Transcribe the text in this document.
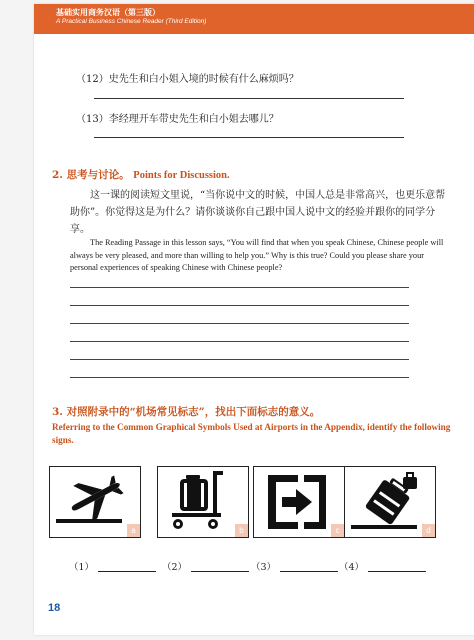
基础实用商务汉语（第三版）
A Practical Business Chinese Reader (Third Edition)
（12）史先生和白小姐入境的时候有什么麻烦吗？
（13）李经理开车带史先生和白小姐去哪儿？
2. 思考与讨论。 Points for Discussion.
这一课的阅读短文里说，“当你说中文的时候，中国人总是非常高兴，也更乐意帮助你”。你觉得这是为什么？请你谈谈你自己跟中国人说中文的经验并跟你的同学分享。
The Reading Passage in this lesson says, “You will find that when you speak Chinese, Chinese people will always be very pleased, and more than willing to help you.” Why is this true? Could you please share your personal experiences of speaking Chinese with Chinese people?
3. 对照附录中的“机场常见标志”，找出下面标志的意义。
Referring to the Common Graphical Symbols Used at Airports in the Appendix, identify the following signs.
a	b	c	d
（1）	（2）	（3）	（4）
18
